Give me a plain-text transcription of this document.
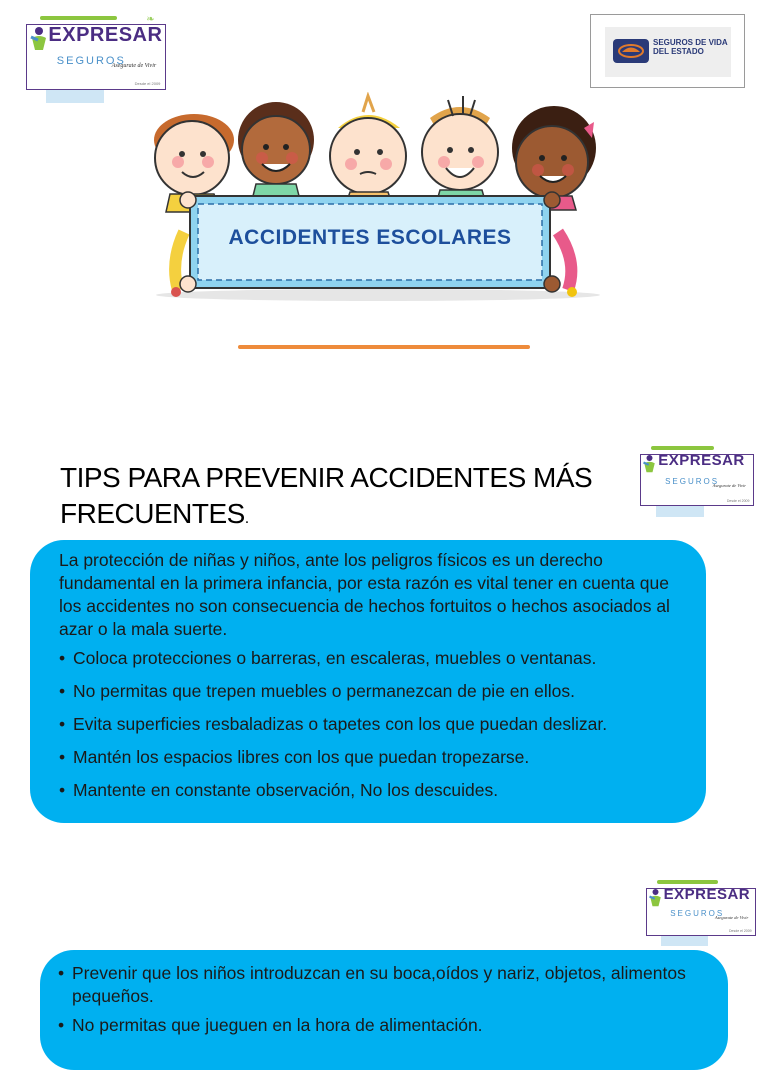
❧
EXPRESAR
SEGUROS
Asegurate de Vivir
Desde el 2009
SEGUROS DE VIDA DEL ESTADO
ACCIDENTES ESCOLARES
TIPS PARA PREVENIR ACCIDENTES MÁS FRECUENTES.
EXPRESAR
SEGUROS
Asegurate de Vivir
Desde el 2009

La protección de niñas y niños, ante los peligros físicos es un derecho fundamental en la primera infancia, por esta razón es vital tener en cuenta que los accidentes no son consecuencia de hechos fortuitos o hechos asociados al azar o la mala suerte.

• Coloca protecciones o barreras, en escaleras, muebles o ventanas.
• No permitas que trepen muebles o permanezcan de pie en ellos.
• Evita superficies resbaladizas o tapetes con los que puedan deslizar.
• Mantén los espacios libres con los que puedan tropezarse.
• Mantente en constante observación, No los descuides.
EXPRESAR
SEGUROS
Asegurate de Vivir
Desde el 2009
• Prevenir que los niños introduzcan en su boca,oídos y nariz, objetos, alimentos pequeños.
• No permitas que jueguen en la hora de alimentación.
